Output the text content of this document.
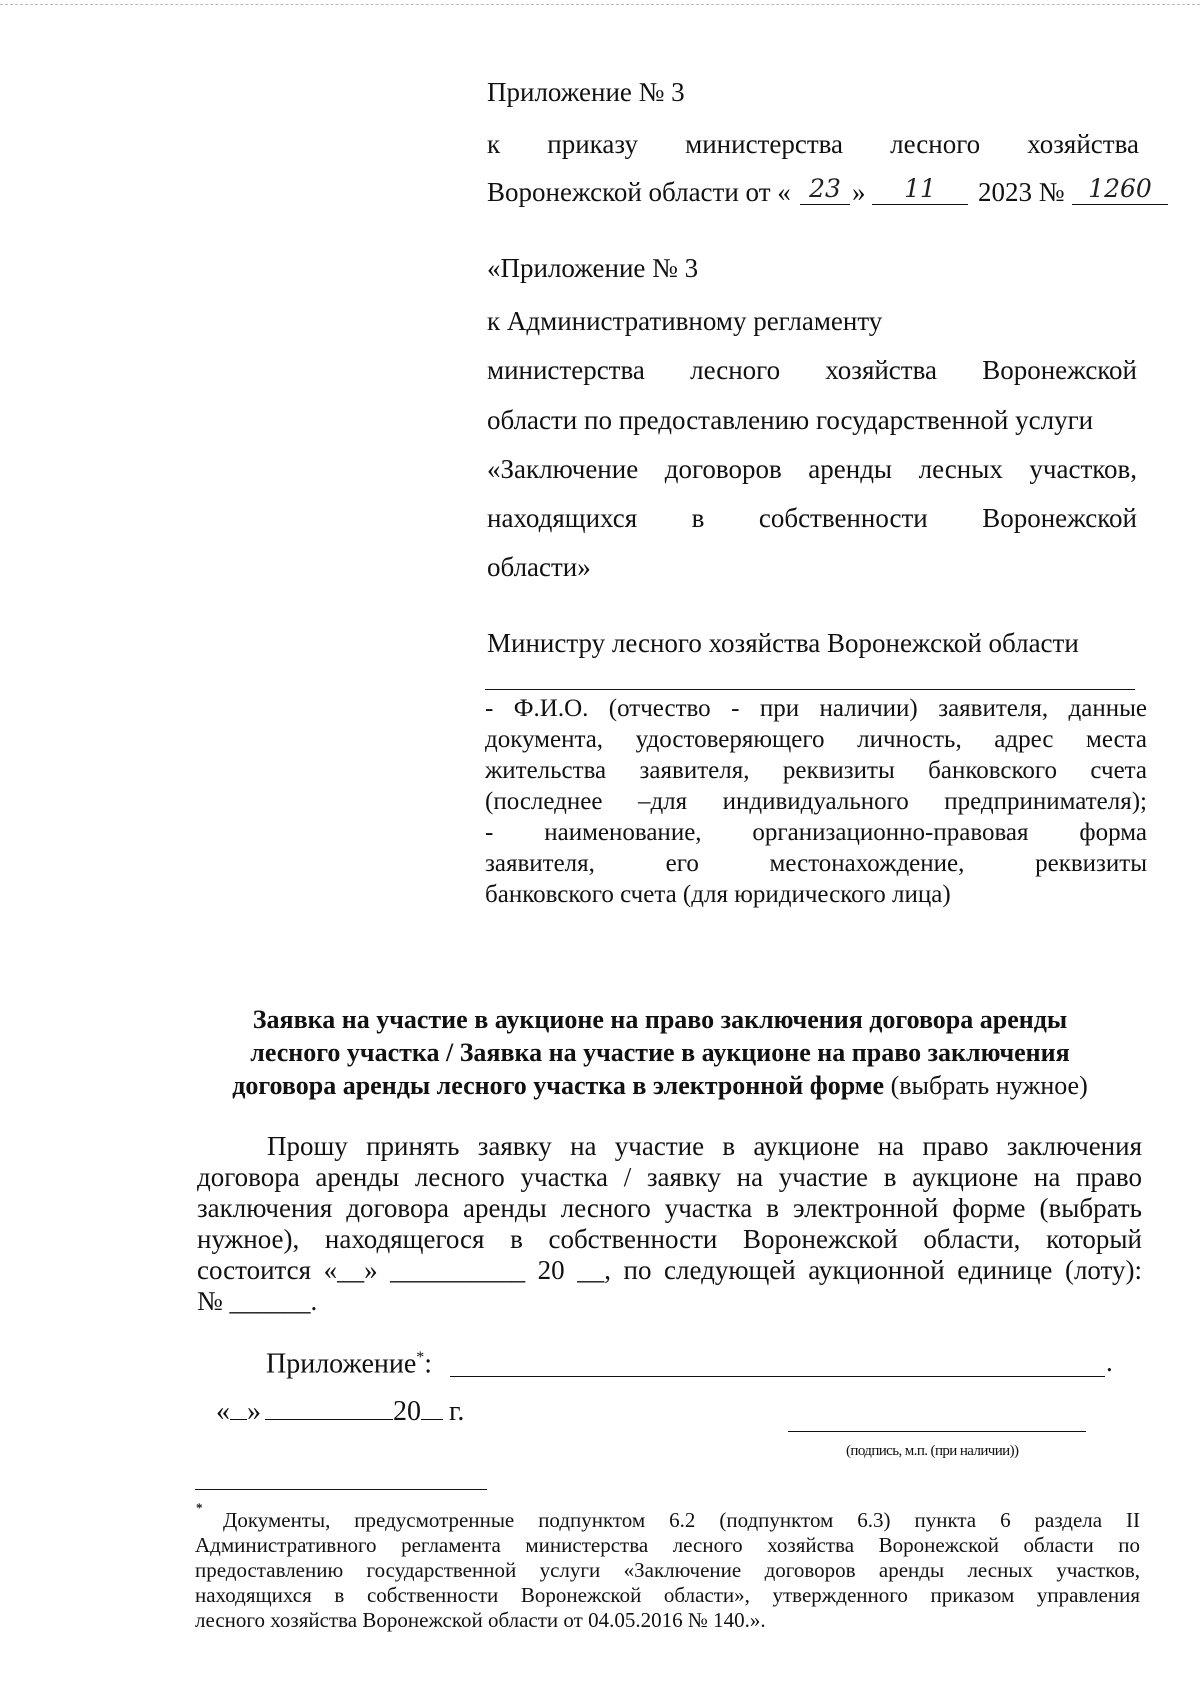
Приложение № 3
к приказу министерства лесного хозяйства
Воронежской области от « 23 »	11	2023 № 1260
«Приложение № 3
к Административному регламенту
министерства лесного хозяйства Воронежской
области по предоставлению государственной услуги
«Заключение договоров аренды лесных участков,
находящихся в собственности Воронежской
области»
Министру лесного хозяйства Воронежской области
- Ф.И.О. (отчество - при наличии) заявителя, данные
документа, удостоверяющего личность, адрес места
жительства заявителя, реквизиты банковского счета
(последнее –для индивидуального предпринимателя);
- наименование, организационно-правовая форма
заявителя, его местонахождение, реквизиты
банковского счета (для юридического лица)
Заявка на участие в аукционе на право заключения договора аренды
лесного участка / Заявка на участие в аукционе на право заключения
договора аренды лесного участка в электронной форме (выбрать нужное)
Прошу принять заявку на участие в аукционе на право заключения
договора аренды лесного участка / заявку на участие в аукционе на право
заключения договора аренды лесного участка в электронной форме (выбрать
нужное), находящегося в собственности Воронежской области, который
состоится «__» __________ 20 __, по следующей аукционной единице (лоту):
№ ______.
Приложение*:	.
« »	20 г.
(подпись, м.п. (при наличии))
*
Документы, предусмотренные подпунктом 6.2 (подпунктом 6.3) пункта 6 раздела II
Административного регламента министерства лесного хозяйства Воронежской области по
предоставлению государственной услуги «Заключение договоров аренды лесных участков,
находящихся в собственности Воронежской области», утвержденного приказом управления
лесного хозяйства Воронежской области от 04.05.2016 № 140.».
